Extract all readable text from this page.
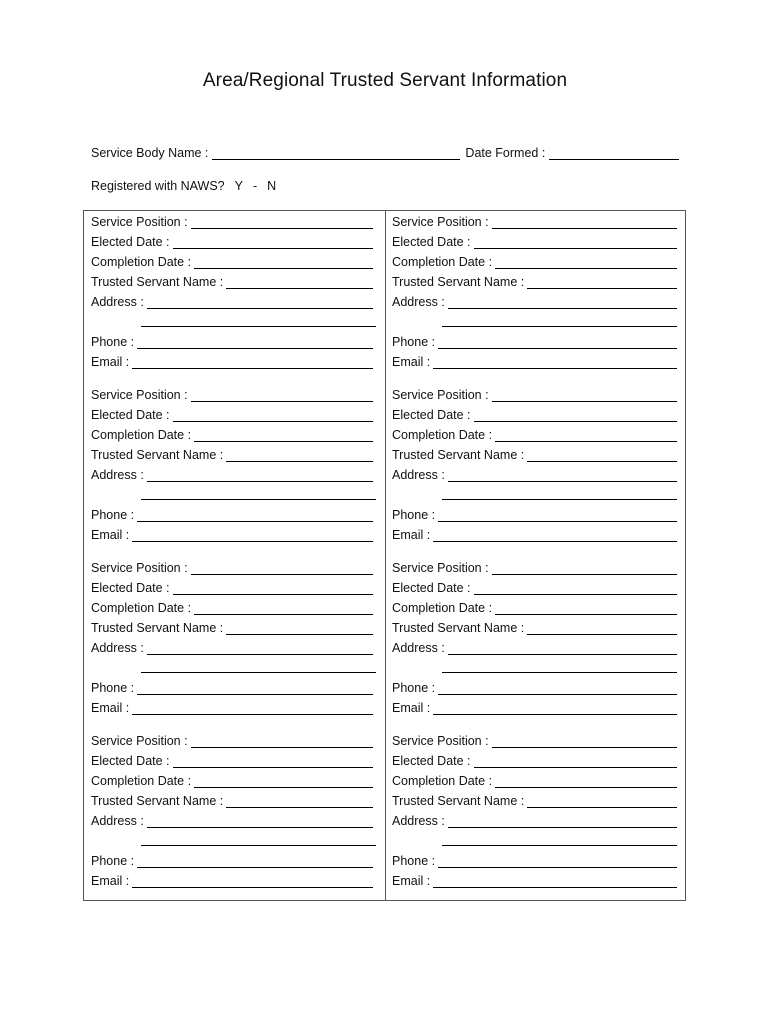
Area/Regional Trusted Servant Information
Service Body Name :	Date Formed :
Registered with NAWS? Y - N
Service Position :
Elected Date :
Completion Date :
Trusted Servant Name :
Address :
Phone :
Email :
Service Position :
Elected Date :
Completion Date :
Trusted Servant Name :
Address :
Phone :
Email :
Service Position :
Elected Date :
Completion Date :
Trusted Servant Name :
Address :
Phone :
Email :
Service Position :
Elected Date :
Completion Date :
Trusted Servant Name :
Address :
Phone :
Email :
Service Position :
Elected Date :
Completion Date :
Trusted Servant Name :
Address :
Phone :
Email :
Service Position :
Elected Date :
Completion Date :
Trusted Servant Name :
Address :
Phone :
Email :
Service Position :
Elected Date :
Completion Date :
Trusted Servant Name :
Address :
Phone :
Email :
Service Position :
Elected Date :
Completion Date :
Trusted Servant Name :
Address :
Phone :
Email :
